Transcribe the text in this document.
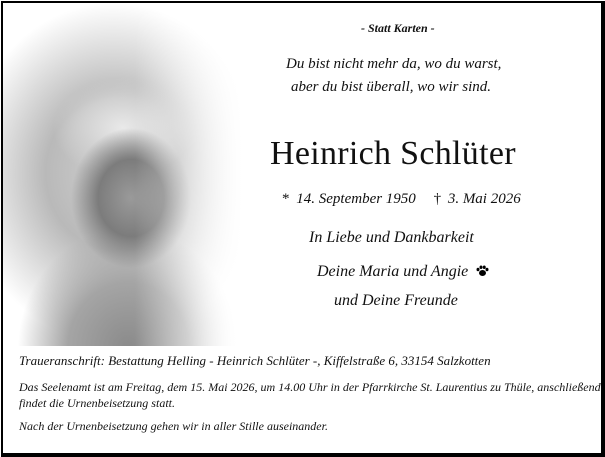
- Statt Karten -
Du bist nicht mehr da, wo du warst,
aber du bist überall, wo wir sind.
Heinrich Schlüter
* 14. September 1950 † 3. Mai 2026
In Liebe und Dankbarkeit
Deine Maria und Angie
und Deine Freunde
Traueranschrift: Bestattung Helling - Heinrich Schlüter -, Kiffelstraße 6, 33154 Salzkotten
Das Seelenamt ist am Freitag, dem 15. Mai 2026, um 14.00 Uhr in der Pfarrkirche St. Laurentius zu Thüle, anschließend findet die Urnenbeisetzung statt.
Nach der Urnenbeisetzung gehen wir in aller Stille auseinander.
